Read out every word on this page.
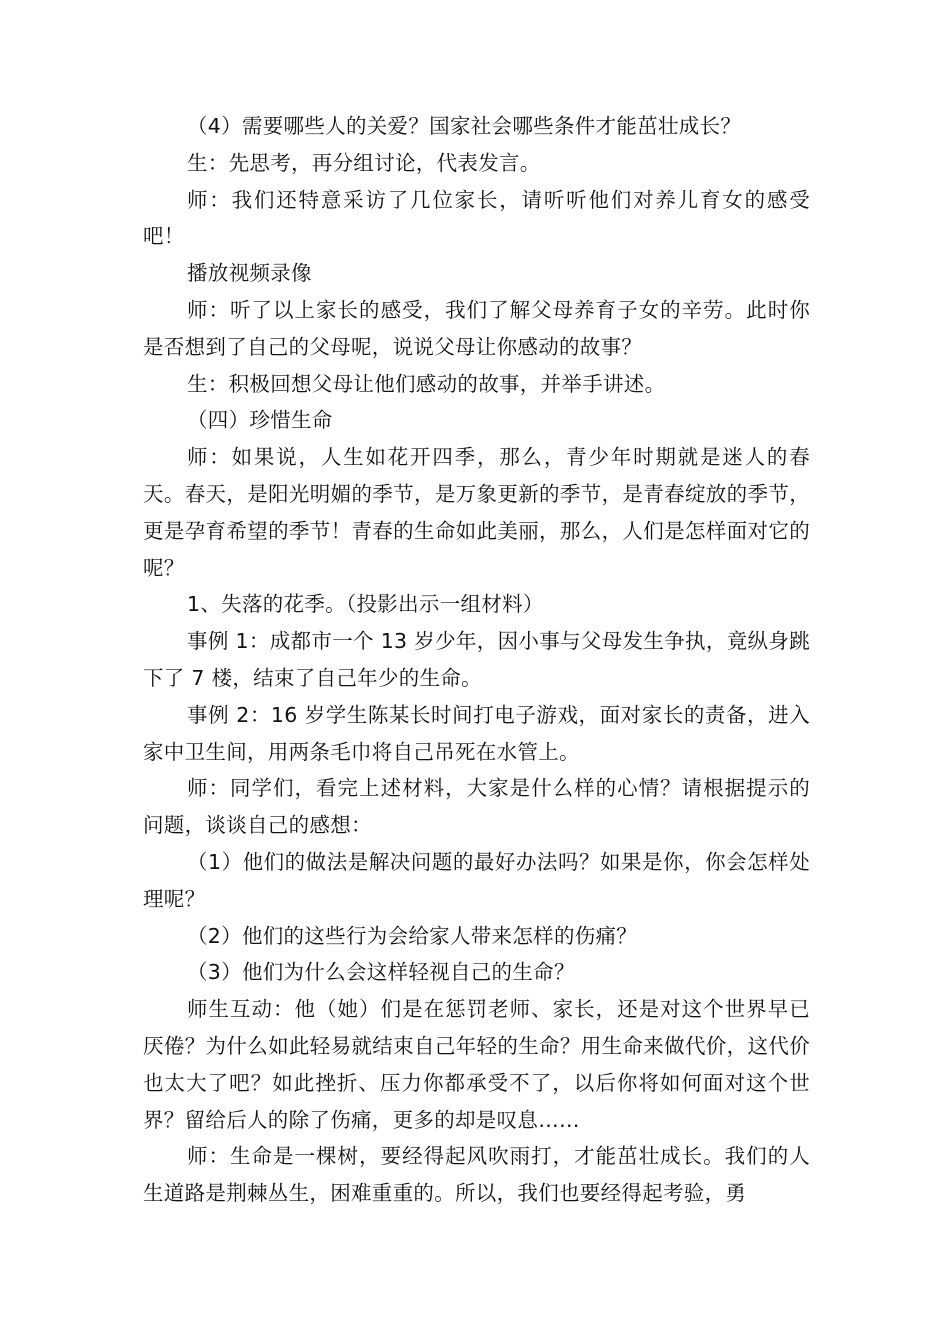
（4）需要哪些人的关爱？国家社会哪些条件才能茁壮成长？

生：先思考，再分组讨论，代表发言。

师：我们还特意采访了几位家长，请听听他们对养儿育女的感受吧！

播放视频录像

师：听了以上家长的感受，我们了解父母养育子女的辛劳。此时你是否想到了自己的父母呢，说说父母让你感动的故事？

生：积极回想父母让他们感动的故事，并举手讲述。

（四）珍惜生命

师：如果说，人生如花开四季，那么，青少年时期就是迷人的春天。春天，是阳光明媚的季节，是万象更新的季节，是青春绽放的季节，更是孕育希望的季节！青春的生命如此美丽，那么，人们是怎样面对它的呢？

1、失落的花季。（投影出示一组材料）

事例 1：成都市一个 13 岁少年，因小事与父母发生争执，竟纵身跳下了 7 楼，结束了自己年少的生命。

事例 2：16 岁学生陈某长时间打电子游戏，面对家长的责备，进入家中卫生间，用两条毛巾将自己吊死在水管上。

师：同学们，看完上述材料，大家是什么样的心情？请根据提示的问题，谈谈自己的感想：

（1）他们的做法是解决问题的最好办法吗？如果是你，你会怎样处理呢？

（2）他们的这些行为会给家人带来怎样的伤痛？

（3）他们为什么会这样轻视自己的生命？

师生互动：他（她）们是在惩罚老师、家长，还是对这个世界早已厌倦？为什么如此轻易就结束自己年轻的生命？用生命来做代价，这代价也太大了吧？如此挫折、压力你都承受不了，以后你将如何面对这个世界？留给后人的除了伤痛，更多的却是叹息……

师：生命是一棵树，要经得起风吹雨打，才能茁壮成长。我们的人生道路是荆棘丛生，困难重重的。所以，我们也要经得起考验，勇
